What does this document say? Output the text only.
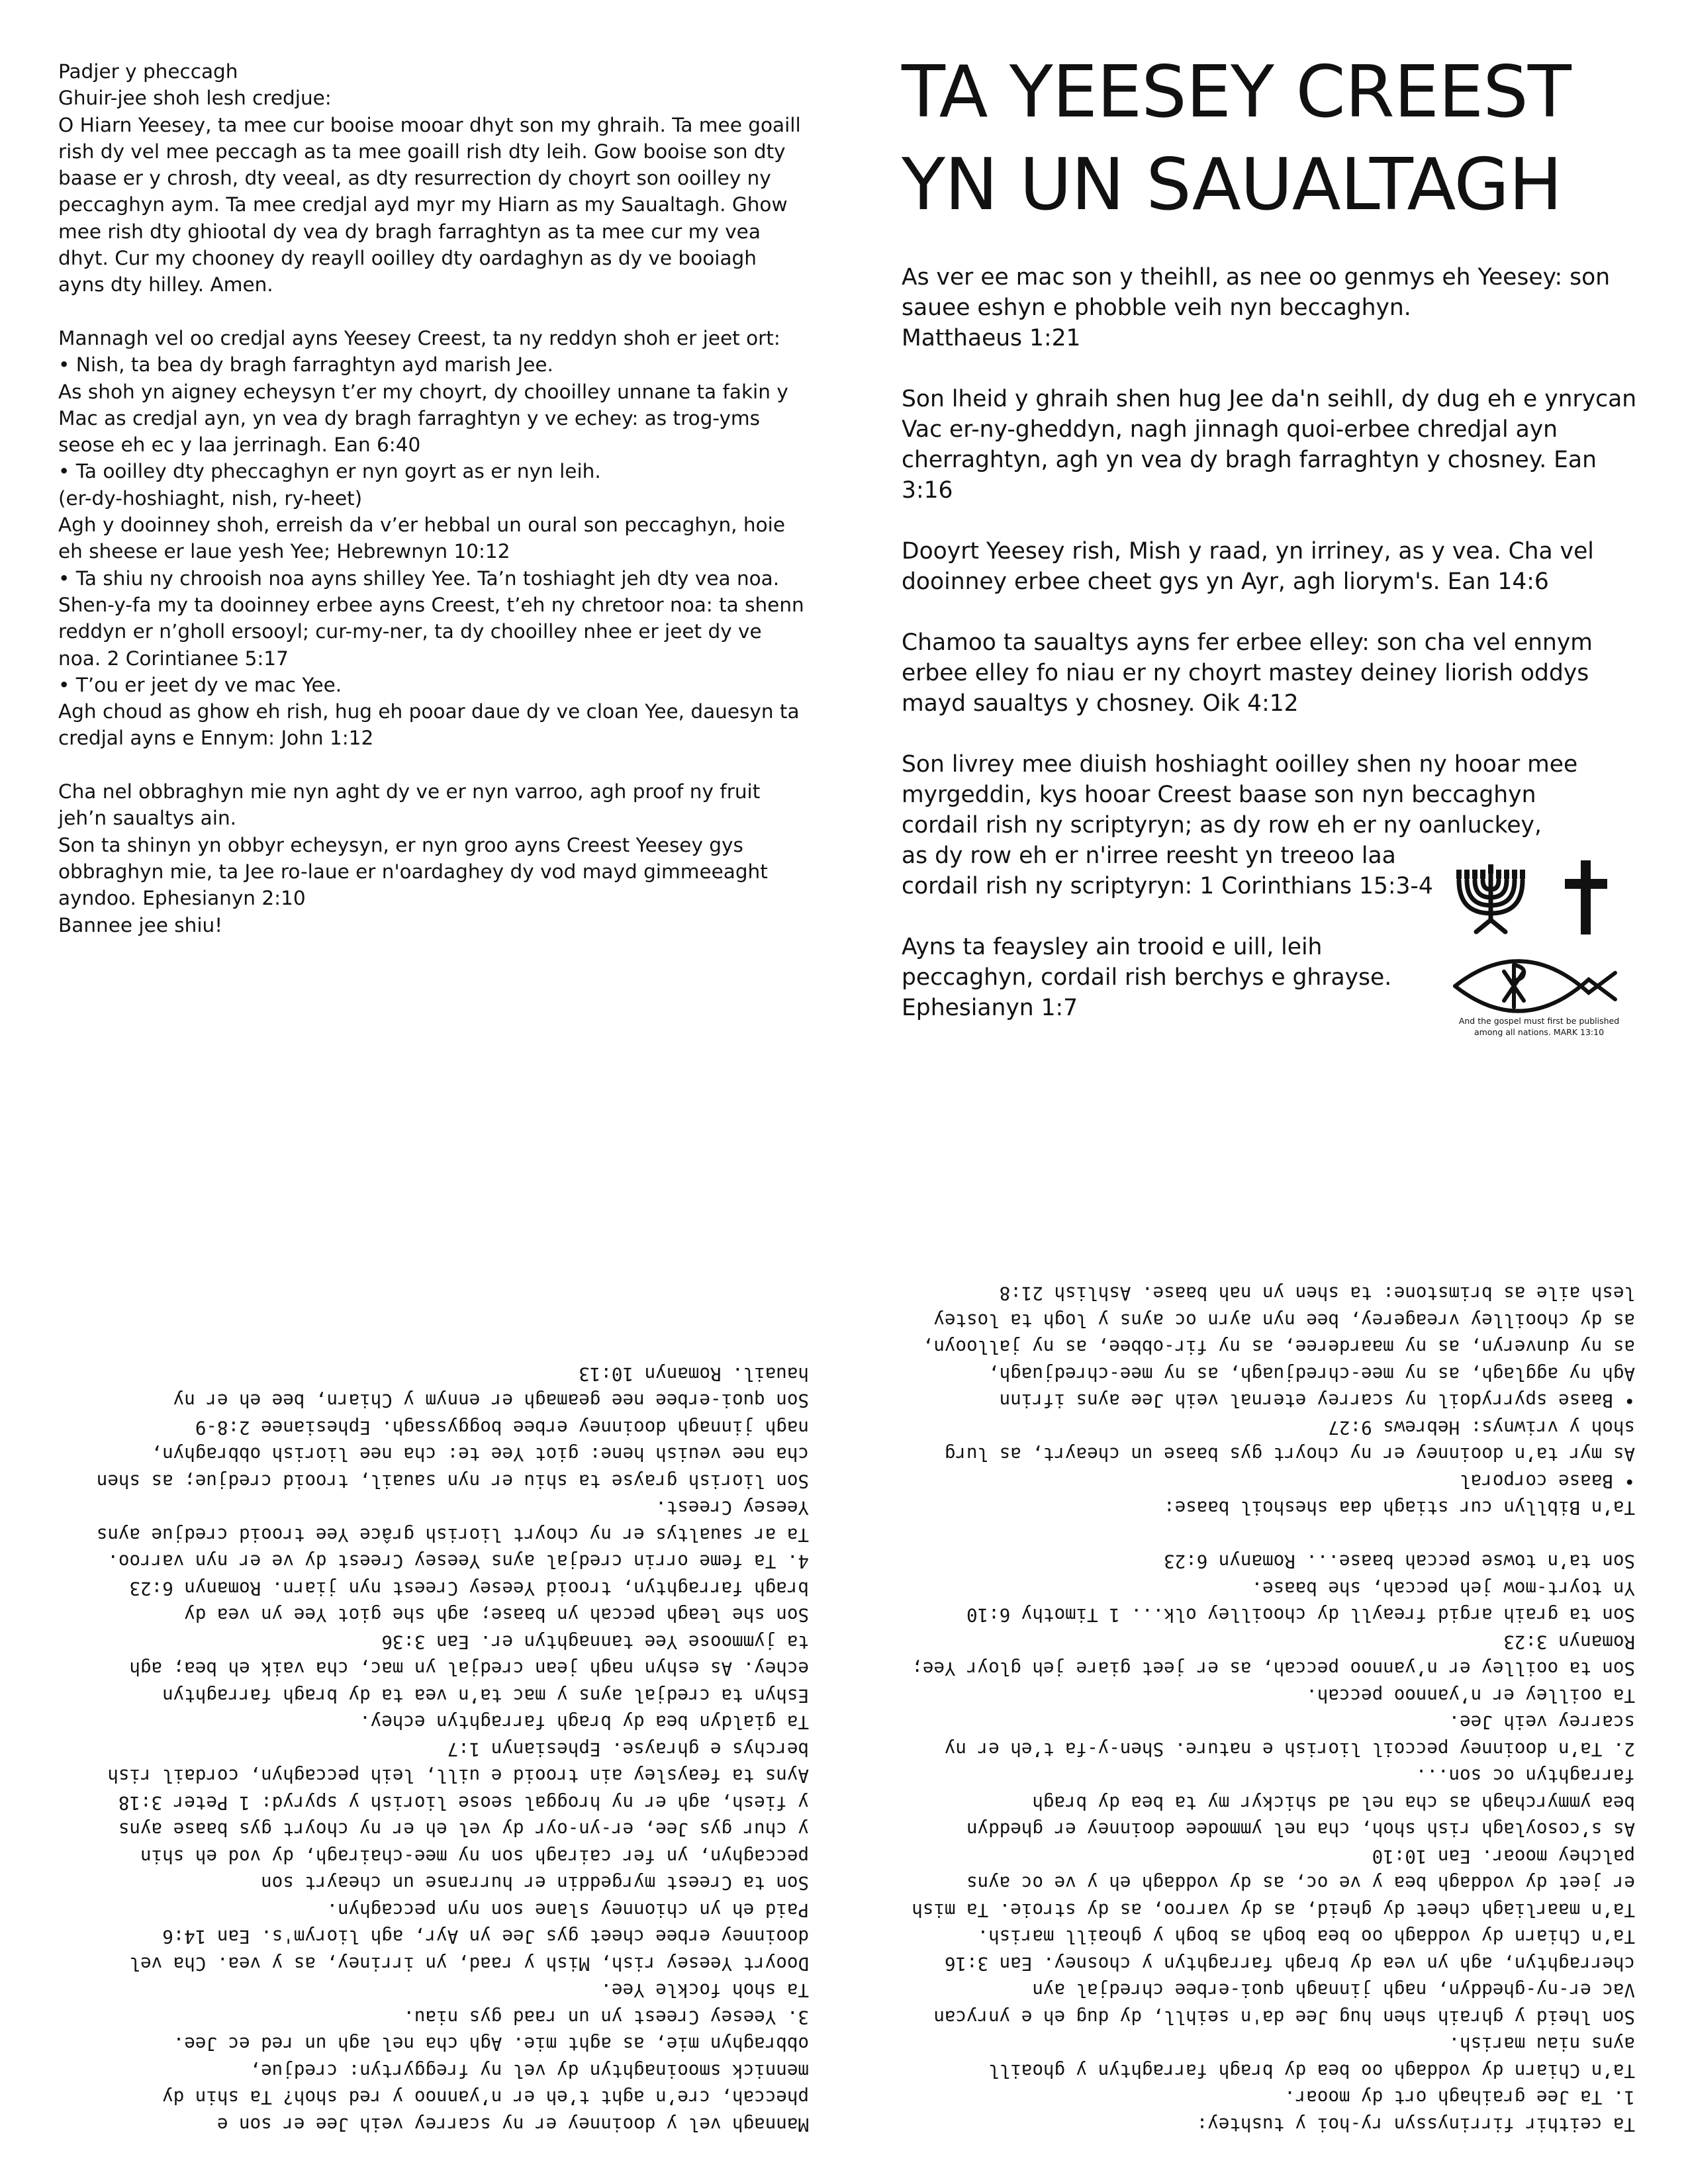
Padjer y pheccagh
Ghuir-jee shoh lesh credjue:
O Hiarn Yeesey, ta mee cur booise mooar dhyt son my ghraih. Ta mee goaill rish dy vel mee peccagh as ta mee goaill rish dty leih. Gow booise son dty baase er y chrosh, dty veeal, as dty resurrection dy choyrt son ooilley ny peccaghyn aym. Ta mee credjal ayd myr my Hiarn as my Saualtagh. Ghow mee rish dty ghiootal dy vea dy bragh farraghtyn as ta mee cur my vea dhyt. Cur my chooney dy reayll ooilley dty oardaghyn as dy ve booiagh ayns dty hilley. Amen.

Mannagh vel oo credjal ayns Yeesey Creest, ta ny reddyn shoh er jeet ort:
• Nish, ta bea dy bragh farraghtyn ayd marish Jee.
As shoh yn aigney echeysyn t’er my choyrt, dy chooilley unnane ta fakin y Mac as credjal ayn, yn vea dy bragh farraghtyn y ve echey: as trog-yms seose eh ec y laa jerrinagh. Ean 6:40
• Ta ooilley dty pheccaghyn er nyn goyrt as er nyn leih.
(er-dy-hoshiaght, nish, ry-heet)
Agh y dooinney shoh, erreish da v’er hebbal un oural son peccaghyn, hoie eh sheese er laue yesh Yee; Hebrewnyn 10:12
• Ta shiu ny chrooish noa ayns shilley Yee. Ta’n toshiaght jeh dty vea noa.
Shen-y-fa my ta dooinney erbee ayns Creest, t’eh ny chretoor noa: ta shenn reddyn er n’gholl ersooyl; cur-my-ner, ta dy chooilley nhee er jeet dy ve noa. 2 Corintianee 5:17
• T’ou er jeet dy ve mac Yee.
Agh choud as ghow eh rish, hug eh pooar daue dy ve cloan Yee, dauesyn ta credjal ayns e Ennym: John 1:12

Cha nel obbraghyn mie nyn aght dy ve er nyn varroo, agh proof ny fruit jeh’n saualtys ain.
Son ta shinyn yn obbyr echeysyn, er nyn groo ayns Creest Yeesey gys obbraghyn mie, ta Jee ro-laue er n'oardaghey dy vod mayd gimmeeaght ayndoo. Ephesianyn 2:10
Bannee jee shiu!

TA YEESEY CREEST
YN UN SAUALTAGH

As ver ee mac son y theihll, as nee oo genmys eh Yeesey: son sauee eshyn e phobble veih nyn beccaghyn.
Matthaeus 1:21

Son lheid y ghraih shen hug Jee da'n seihll, dy dug eh e ynrycan Vac er-ny-gheddyn, nagh jinnagh quoi-erbee chredjal ayn cherraghtyn, agh yn vea dy bragh farraghtyn y chosney. Ean 3:16

Dooyrt Yeesey rish, Mish y raad, yn irriney, as y vea. Cha vel dooinney erbee cheet gys yn Ayr, agh liorym's. Ean 14:6

Chamoo ta saualtys ayns fer erbee elley: son cha vel ennym erbee elley fo niau er ny choyrt mastey deiney liorish oddys mayd saualtys y chosney. Oik 4:12

Son livrey mee diuish hoshiaght ooilley shen ny hooar mee
myrgeddin, kys hooar Creest baase son nyn beccaghyn
cordail rish ny scriptyryn; as dy row eh er ny oanluckey,
as dy row eh er n'irree reesht yn treeoo laa
cordail rish ny scriptyryn: 1 Corinthians 15:3-4

Ayns ta feaysley ain trooid e uill, leih
peccaghyn, cordail rish berchys e ghrayse.
Ephesianyn 1:7	And the gospel must first be published
among all nations. MARK 13:10

Mannagh vel y dooinney er ny scarrey veih Jee er son e
pheccah, cre’n aght t’eh er n’yannoo y red shoh? Ta shin dy
mennick smooinaghtyn dy vel ny freggyrtyn: credjue,
obbraghyn mie, as aght mie. Agh cha nel agh un red ec Jee.
3. Yeesey Creest yn un raad gys niau.
Ta shoh fockle Yee.
Dooyrt Yeesey rish, Mish y raad, yn irriney, as y vea. Cha vel
dooinney erbee cheet gys Jee yn Ayr, agh liorym's. Ean 14:6
Paid eh yn chionney slane son nyn peccaghyn.
Son ta Creest myrgeddin er hurranse un cheayrt son
peccaghyn, yn fer cairagh son ny mee-chairagh, dy vod eh shin
y chur gys Jee, er-yn-oyr dy vel eh er ny choyrt gys baase ayns
y fiesh, agh er ny hroggal seose liorish y spyryd: 1 Peter 3:18
Ayns ta feaysley ain trooid e uill, leih peccaghyn, cordail rish
berchys e ghrayse. Ephesianyn 1:7
Ta gialdyn bea dy bragh farraghtyn echey.
Eshyn ta credjal ayns y mac ta’n vea ta dy bragh farraghtyn
echeу. As eshyn nagh jean credjal yn mac, cha vaik eh bea; agh
ta jymmoose Yee tannaghtyn er. Ean 3:36
Son she leagh peccah yn baase; agh she giot Yee yn vea dy
bragh farraghtyn, trooid Yeesey Creest nyn jiarn. Romanyn 6:23
4. Ta feme orrin credjal ayns Yeesey Creest dy ve er nyn varroo.
Ta ar saualtys er ny choyrt liorish grâce Yee trooid credjue ayns
Yeesey Creest.
Son liorish grayse ta shiu er nyn sauail, trooid credjue; as shen
cha nee veuish hene: giot Yee te: cha nee liorish obbraghyn,
nagh jinnagh dooinney erbee boggyssagh. Ephesianee 2:8-9
Son quoi-erbee nee geamagh er ennym y Chiarn, bee eh er ny
hauail. Romanyn 10:13

Ta ceithir firrinyssyn ry-hoi y tushtey:
1. Ta Jee graihagh ort dy mooar.
Ta’n Chiarn dy voddagh oo bea dy bragh farraghtyn y ghoaill
ayns niau marish.
Son lheid y ghraih shen hug Jee da'n seihll, dy dug eh e ynrycan
Vac er-ny-gheddyn, nagh jinnagh quoi-erbee chredjal ayn
cherraghtyn, agh yn vea dy bragh farraghtyn y chosney. Ean 3:16
Ta’n Chiarn dy voddagh oo bea bogh as bogh y ghoaill marish.
Ta’n maarliagh cheet dy gheid, as dy varroo, as dy stroie. Ta mish
er jeet dy voddagh bea y ve oc, as dy voddagh eh y ve oc ayns
palchey mooar. Ean 10:10
As s’cosoylagh rish shoh, cha nel ymmodee dooinney er gheddyn
bea ymmyrchagh as cha nel ad shickyr my ta bea dy bragh
farraghtyn oc son...
2. Ta’n dooinney peccoil liorish e nature. Shen-y-fa t’eh er ny
scarrey veih Jee.
Ta ooilley er n’yannoo peccah.
Son ta ooilley er n’yannoo peccah, as er jeet giare jeh gloyr Yee;
Romanyn 3:23
Son ta graih argid freayll dy chooilley olk... 1 Timothy 6:10
Yn toyrt-mow jeh peccah, she baase.
Son ta’n towse peccah baase... Romanyn 6:23

Ta’n Bibllyn cur stiagh daa sheshoil baase:
• Baase corporal
As myr ta’n dooinney er ny choyrt gys baase un cheayrt, as lurg
shoh y vriwnys: Hebrews 9:27
• Baase spyrrydoil ny scarrey eternal veih Jee ayns ifrinn
Agh ny agglagh, as ny mee-chredjuagh, as ny mee-chredjuagh,
as ny dunveryn, as ny maarderee, as ny fir-obbee, as ny jallooyn,
as dy chooilley vreagerey, bee nyn ayrn oc ayns y logh ta lostey
lesh aile as brimstone: ta shen yn nah baase. Ashlish 21:8
